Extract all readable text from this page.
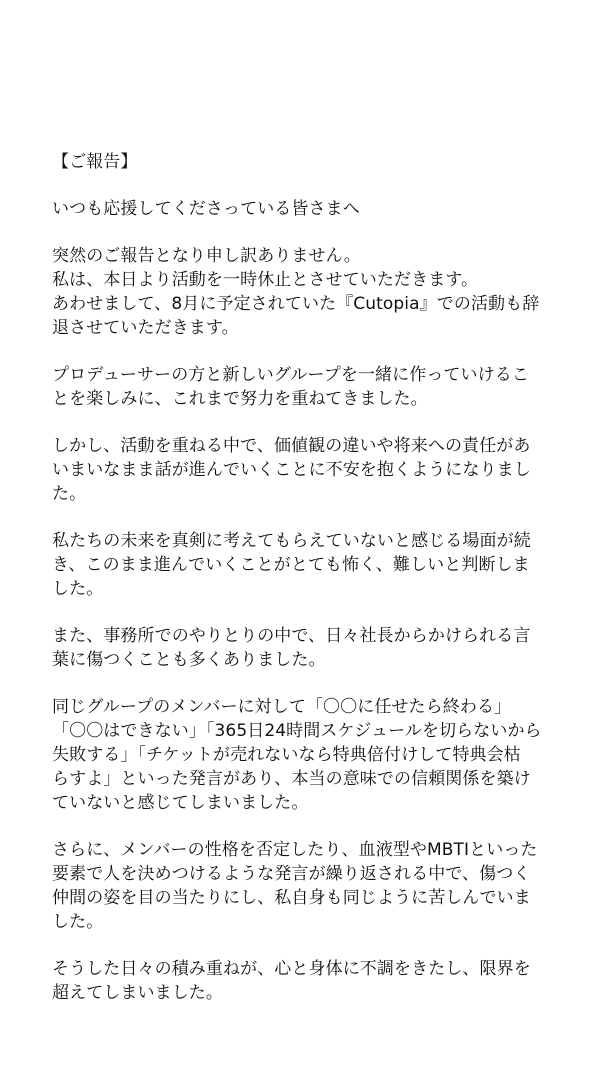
【ご報告】
いつも応援してくださっている皆さまへ
突然のご報告となり申し訳ありません。
私は、本日より活動を一時休止とさせていただきます。
あわせまして、8月に予定されていた『Cutopia』での活動も辞
退させていただきます。
プロデューサーの方と新しいグループを一緒に作っていけるこ
とを楽しみに、これまで努力を重ねてきました。
しかし、活動を重ねる中で、価値観の違いや将来への責任があ
いまいなまま話が進んでいくことに不安を抱くようになりまし
た。
私たちの未来を真剣に考えてもらえていないと感じる場面が続
き、このまま進んでいくことがとても怖く、難しいと判断しま
した。
また、事務所でのやりとりの中で、日々社長からかけられる言
葉に傷つくことも多くありました。
同じグループのメンバーに対して「〇〇に任せたら終わる」
「〇〇はできない」「365日24時間スケジュールを切らないから
失敗する」「チケットが売れないなら特典倍付けして特典会枯
らすよ」といった発言があり、本当の意味での信頼関係を築け
ていないと感じてしまいました。
さらに、メンバーの性格を否定したり、血液型やMBTIといった
要素で人を決めつけるような発言が繰り返される中で、傷つく
仲間の姿を目の当たりにし、私自身も同じように苦しんでいま
した。
そうした日々の積み重ねが、心と身体に不調をきたし、限界を
超えてしまいました。
